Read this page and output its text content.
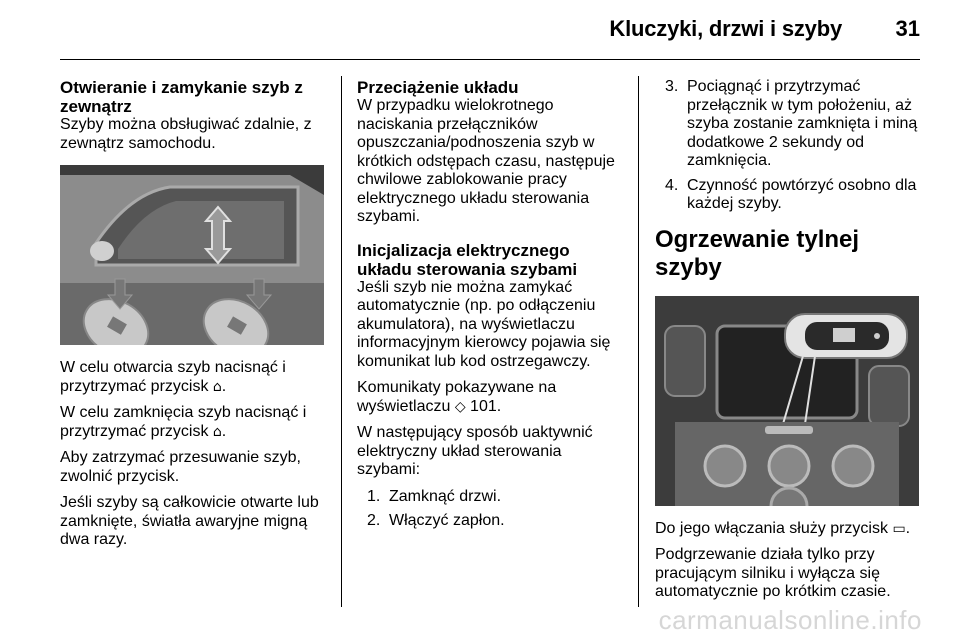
Kluczyki, drzwi i szyby 31
Otwieranie i zamykanie szyb z zewnątrz

Szyby można obsługiwać zdalnie, z zewnątrz samochodu.

W celu otwarcia szyb nacisnąć i przytrzymać przycisk ⌂.

W celu zamknięcia szyb nacisnąć i przytrzymać przycisk ⌂.

Aby zatrzymać przesuwanie szyb, zwolnić przycisk.

Jeśli szyby są całkowicie otwarte lub zamknięte, światła awaryjne migną dwa razy.

Przeciążenie układu

W przypadku wielokrotnego naciskania przełączników opuszczania/podnoszenia szyb w krótkich odstępach czasu, następuje chwilowe zablokowanie pracy elektrycznego układu sterowania szybami.

Inicjalizacja elektrycznego układu sterowania szybami

Jeśli szyb nie można zamykać automatycznie (np. po odłączeniu akumulatora), na wyświetlaczu informacyjnym kierowcy pojawia się komunikat lub kod ostrzegawczy.

Komunikaty pokazywane na wyświetlaczu ◇ 101.

W następujący sposób uaktywnić elektryczny układ sterowania szybami:

1. Zamknąć drzwi.
2. Włączyć zapłon.
3. Pociągnąć i przytrzymać przełącznik w tym położeniu, aż szyba zostanie zamknięta i miną dodatkowe 2 sekundy od zamknięcia.
4. Czynność powtórzyć osobno dla każdej szyby.
Ogrzewanie tylnej szyby

Do jego włączania służy przycisk ▭.

Podgrzewanie działa tylko przy pracującym silniku i wyłącza się automatycznie po krótkim czasie.

carmanualsonline.info
